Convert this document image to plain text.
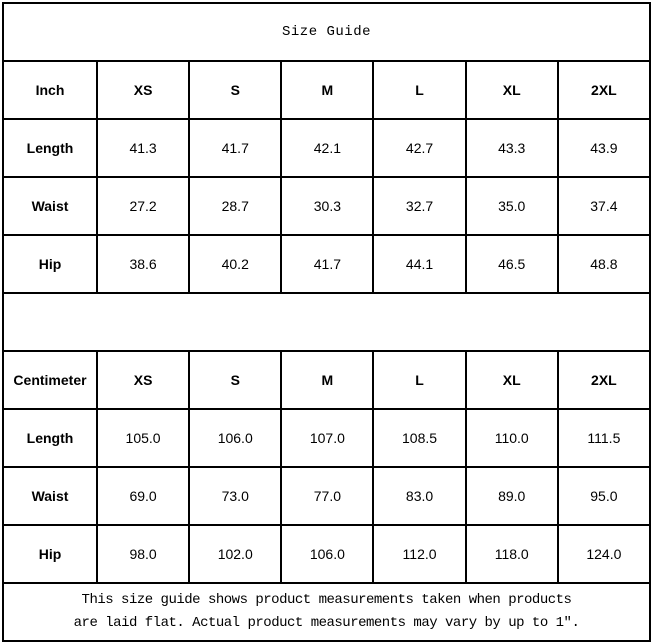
Size Guide						
Inch	XS	S	M	L	XL	2XL
Length	41.3	41.7	42.1	42.7	43.3	43.9
Waist	27.2	28.7	30.3	32.7	35.0	37.4
Hip	38.6	40.2	41.7	44.1	46.5	48.8

Centimeter	XS	S	M	L	XL	2XL
Length	105.0	106.0	107.0	108.5	110.0	111.5
Waist	69.0	73.0	77.0	83.0	89.0	95.0
Hip	98.0	102.0	106.0	112.0	118.0	124.0

This size guide shows product measurements taken when products
are laid flat. Actual product measurements may vary by up to 1″.						
